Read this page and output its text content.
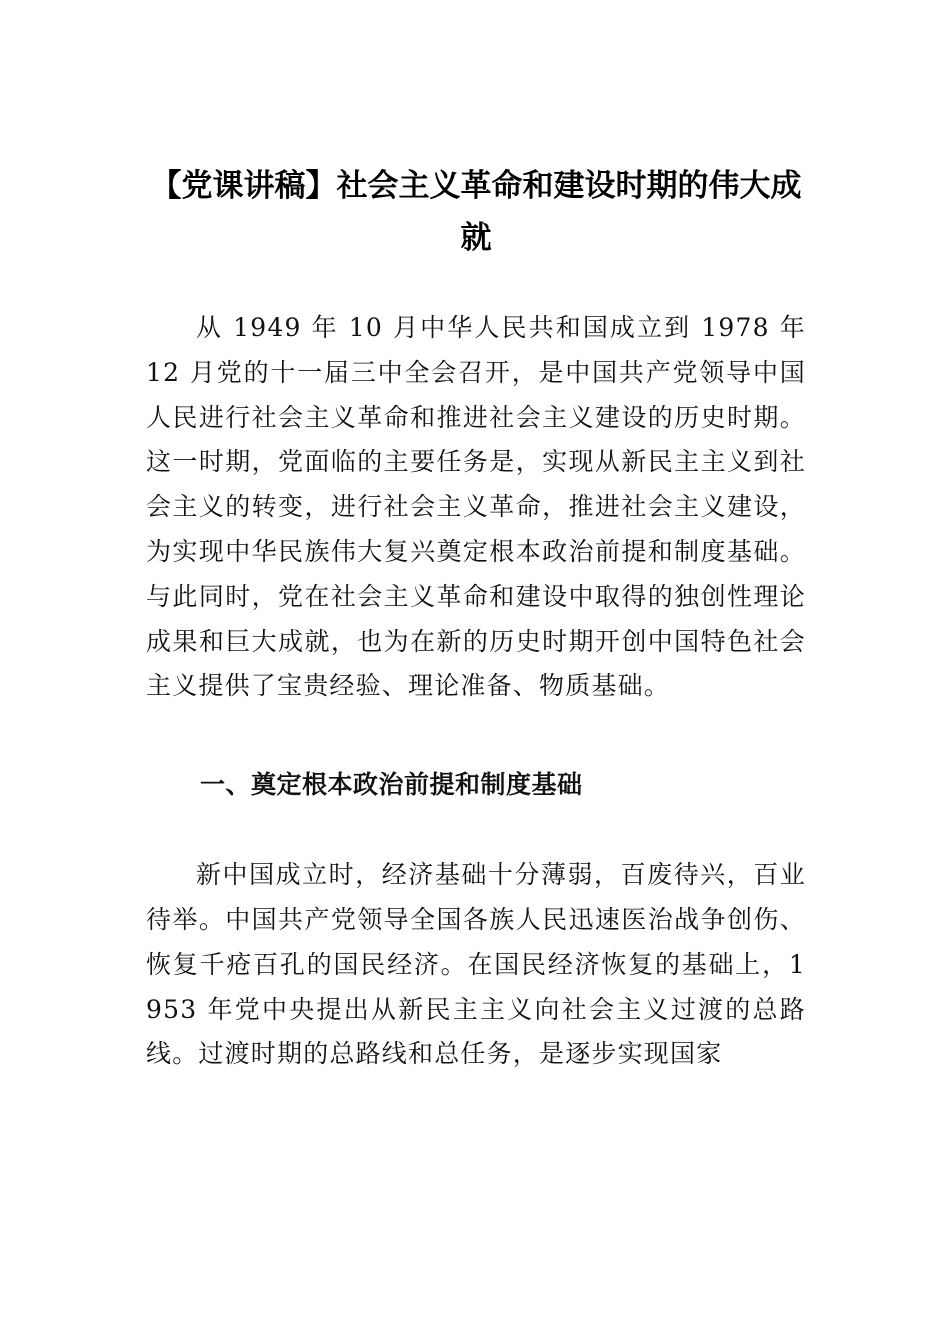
【党课讲稿】社会主义革命和建设时期的伟大成就

从 1949 年 10 月中华人民共和国成立到 1978 年 12 月党的十一届三中全会召开，是中国共产党领导中国人民进行社会主义革命和推进社会主义建设的历史时期。这一时期，党面临的主要任务是，实现从新民主主义到社会主义的转变，进行社会主义革命，推进社会主义建设，为实现中华民族伟大复兴奠定根本政治前提和制度基础。与此同时，党在社会主义革命和建设中取得的独创性理论成果和巨大成就，也为在新的历史时期开创中国特色社会主义提供了宝贵经验、理论准备、物质基础。

一、奠定根本政治前提和制度基础

新中国成立时，经济基础十分薄弱，百废待兴，百业待举。中国共产党领导全国各族人民迅速医治战争创伤、恢复千疮百孔的国民经济。在国民经济恢复的基础上，1953 年党中央提出从新民主主义向社会主义过渡的总路线。过渡时期的总路线和总任务，是逐步实现国家
